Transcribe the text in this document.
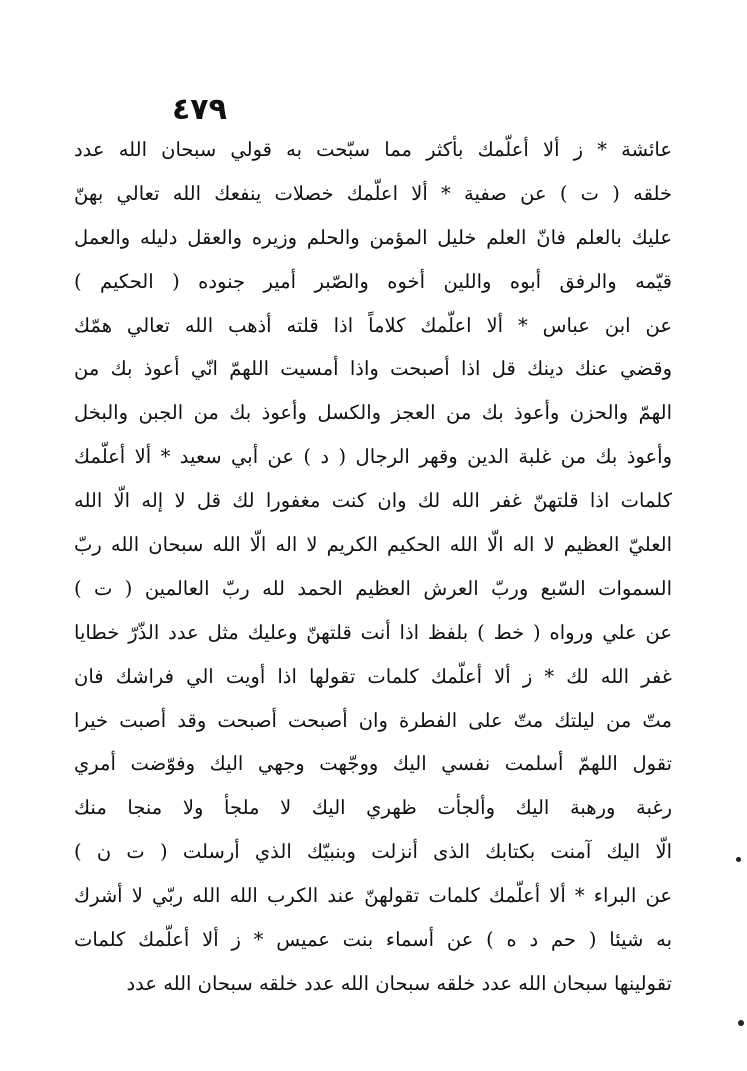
٤٧٩
عائشة * ز ألا أعلّمك بأكثر مما سبّحت به قولي سبحان الله عدد
خلقه ( ت ) عن صفية * ألا اعلّمك خصلات ينفعك الله تعالي بهنّ
عليك بالعلم فانّ العلم خليل المؤمن والحلم وزيره والعقل دليله والعمل
قيّمه والرفق أبوه واللين أخوه والصّبر أمير جنوده ( الحكيم )
عن ابن عباس * ألا اعلّمك كلاماً اذا قلته أذهب الله تعالي همّك
وقضي عنك دينك قل اذا أصبحت واذا أمسيت اللهمّ انّي أعوذ بك من
الهمّ والحزن وأعوذ بك من العجز والكسل وأعوذ بك من الجبن والبخل
وأعوذ بك من غلبة الدين وقهر الرجال ( د ) عن أبي سعيد * ألا أعلّمك
كلمات اذا قلتهنّ غفر الله لك وان كنت مغفورا لك قل لا إله الّا الله
العليّ العظيم لا اله الّا الله الحكيم الكريم لا اله الّا الله سبحان الله ربّ
السموات السّبع وربّ العرش العظيم الحمد لله ربّ العالمين ( ت )
عن علي ورواه ( خط ) بلفظ اذا أنت قلتهنّ وعليك مثل عدد الذّرّ خطايا
غفر الله لك * ز ألا أعلّمك كلمات تقولها اذا أويت الي فراشك فان
متّ من ليلتك متّ على الفطرة وان أصبحت أصبحت وقد أصبت خيرا
تقول اللهمّ أسلمت نفسي اليك ووجّهت وجهي اليك وفوّضت أمري
رغبة ورهبة اليك وألجأت ظهري اليك لا ملجأ ولا منجا منك
الّا اليك آمنت بكتابك الذى أنزلت وبنبيّك الذي أرسلت ( ت ن )
عن البراء * ألا أعلّمك كلمات تقولهنّ عند الكرب الله الله ربّي لا أشرك
به شيئا ( حم د ه ) عن أسماء بنت عميس * ز ألا أعلّمك كلمات
تقولينها سبحان الله عدد خلقه سبحان الله عدد خلقه سبحان الله عدد
